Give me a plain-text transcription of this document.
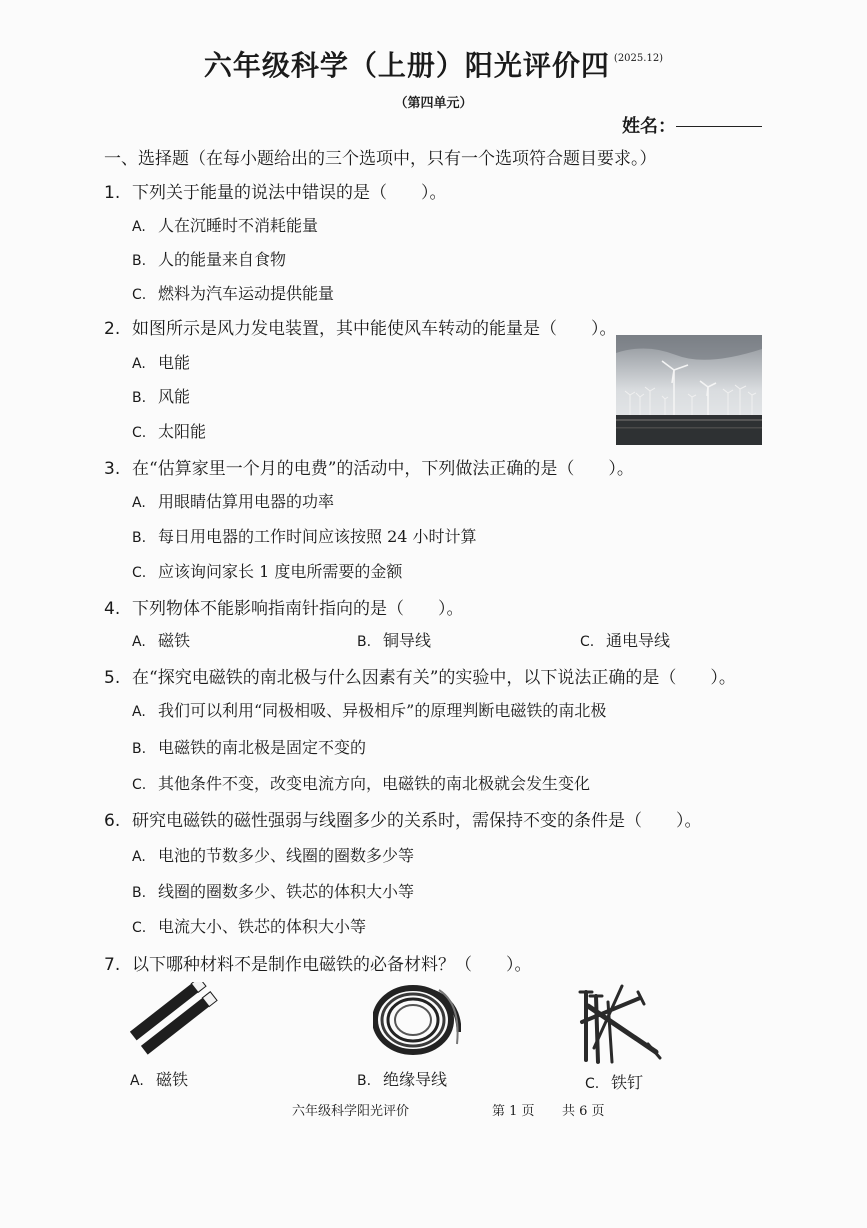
六年级科学（上册）阳光评价四 $^{(2025.12)}$
（第四单元）
姓名：
一、选择题（在每小题给出的三个选项中，只有一个选项符合题目要求。）
1. 下列关于能量的说法中错误的是（　　）。
A. 人在沉睡时不消耗能量
B. 人的能量来自食物
C. 燃料为汽车运动提供能量
2. 如图所示是风力发电装置，其中能使风车转动的能量是（　　）。
A. 电能
B. 风能
C. 太阳能
3. 在“估算家里一个月的电费”的活动中，下列做法正确的是（　　）。
A. 用眼睛估算用电器的功率
B. 每日用电器的工作时间应该按照 24 小时计算
C. 应该询问家长 1 度电所需要的金额
4. 下列物体不能影响指南针指向的是（　　）。
A. 磁铁	B. 铜导线	C. 通电导线
5. 在“探究电磁铁的南北极与什么因素有关”的实验中，以下说法正确的是（　　）。
A. 我们可以利用“同极相吸、异极相斥”的原理判断电磁铁的南北极
B. 电磁铁的南北极是固定不变的
C. 其他条件不变，改变电流方向，电磁铁的南北极就会发生变化
6. 研究电磁铁的磁性强弱与线圈多少的关系时，需保持不变的条件是（　　）。
A. 电池的节数多少、线圈的圈数多少等
B. 线圈的圈数多少、铁芯的体积大小等
C. 电流大小、铁芯的体积大小等
7. 以下哪种材料不是制作电磁铁的必备材料？（　　）。
A. 磁铁	B. 绝缘导线	C. 铁钉
六年级科学阳光评价	第 1 页 共 6 页
